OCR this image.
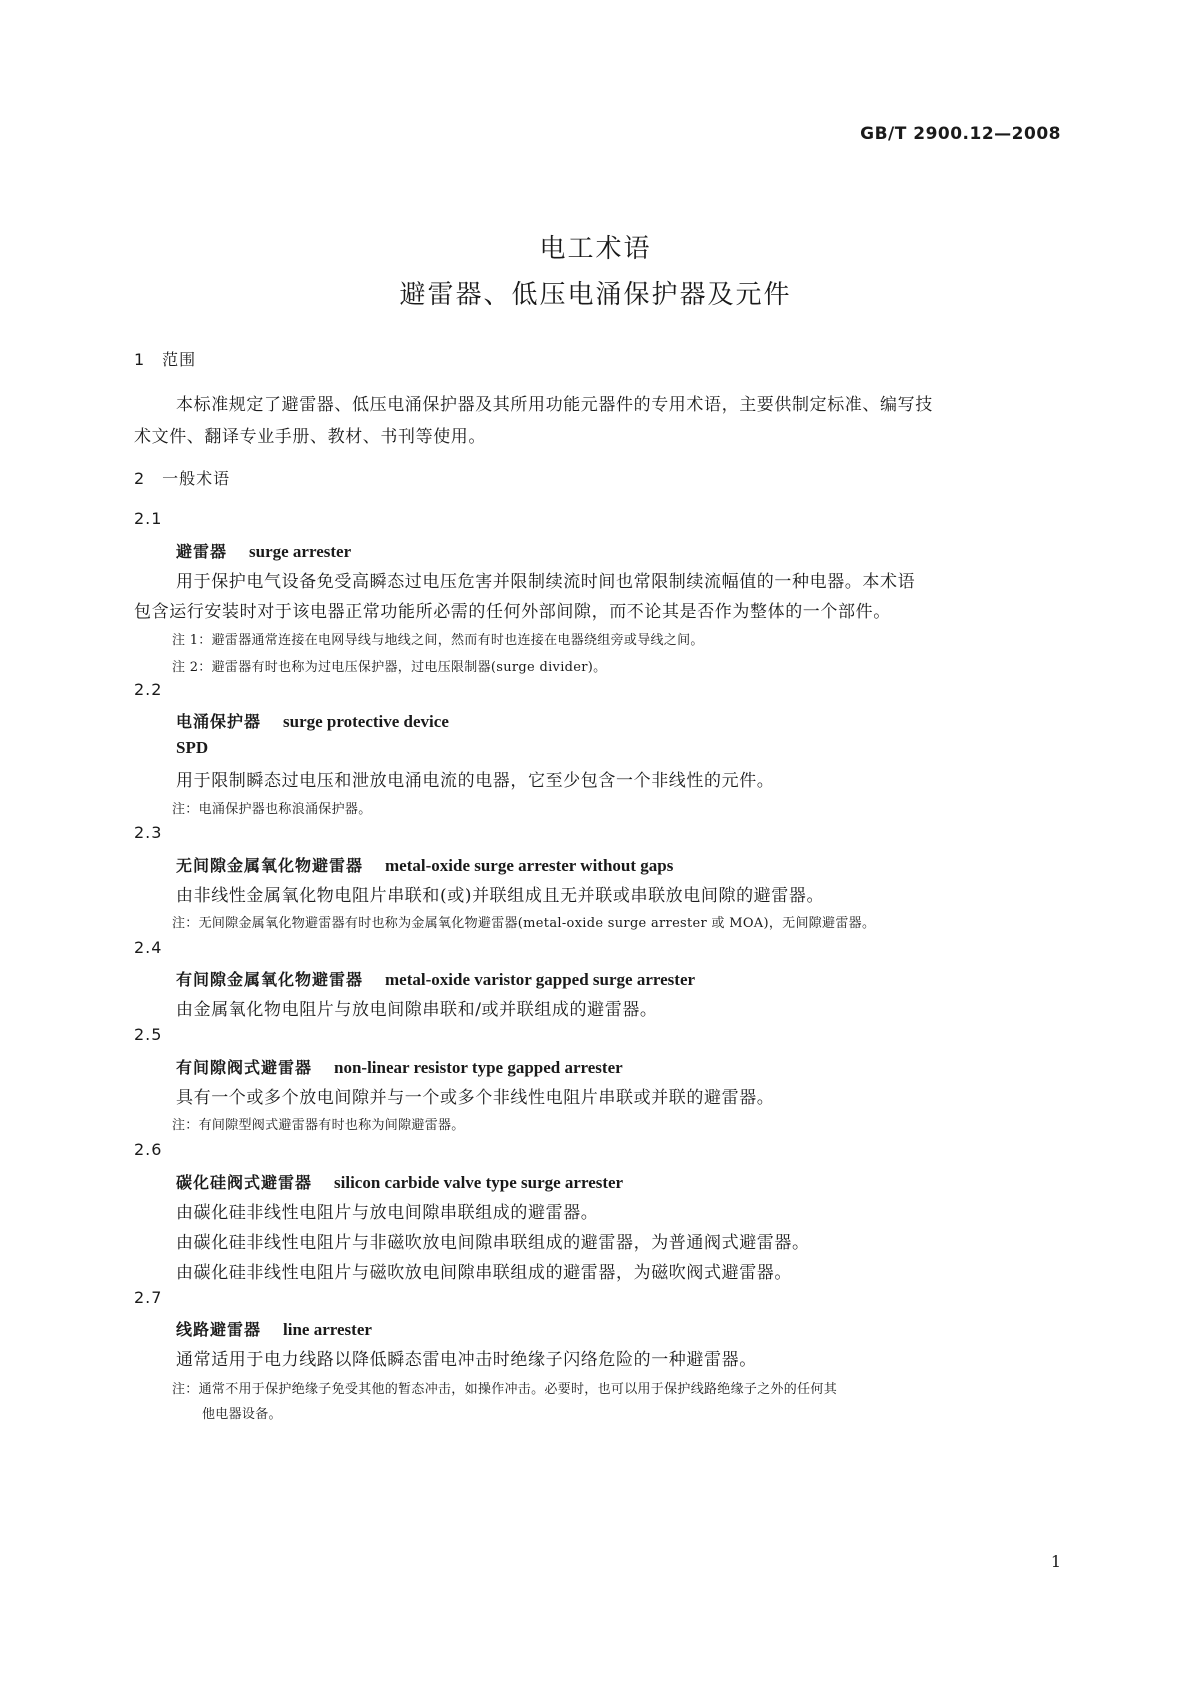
GB/T 2900.12—2008
电工术语
避雷器、低压电涌保护器及元件
1　范围
本标准规定了避雷器、低压电涌保护器及其所用功能元器件的专用术语，主要供制定标准、编写技
术文件、翻译专业手册、教材、书刊等使用。
2　一般术语
2.1
避雷器 surge arrester
用于保护电气设备免受高瞬态过电压危害并限制续流时间也常限制续流幅值的一种电器。本术语
包含运行安装时对于该电器正常功能所必需的任何外部间隙，而不论其是否作为整体的一个部件。
注 1：避雷器通常连接在电网导线与地线之间，然而有时也连接在电器绕组旁或导线之间。
注 2：避雷器有时也称为过电压保护器，过电压限制器(surge divider)。
2.2
电涌保护器 surge protective device
SPD
用于限制瞬态过电压和泄放电涌电流的电器，它至少包含一个非线性的元件。
注：电涌保护器也称浪涌保护器。
2.3
无间隙金属氧化物避雷器 metal-oxide surge arrester without gaps
由非线性金属氧化物电阻片串联和(或)并联组成且无并联或串联放电间隙的避雷器。
注：无间隙金属氧化物避雷器有时也称为金属氧化物避雷器(metal-oxide surge arrester 或 MOA)，无间隙避雷器。
2.4
有间隙金属氧化物避雷器 metal-oxide varistor gapped surge arrester
由金属氧化物电阻片与放电间隙串联和/或并联组成的避雷器。
2.5
有间隙阀式避雷器 non-linear resistor type gapped arrester
具有一个或多个放电间隙并与一个或多个非线性电阻片串联或并联的避雷器。
注：有间隙型阀式避雷器有时也称为间隙避雷器。
2.6
碳化硅阀式避雷器 silicon carbide valve type surge arrester
由碳化硅非线性电阻片与放电间隙串联组成的避雷器。
由碳化硅非线性电阻片与非磁吹放电间隙串联组成的避雷器，为普通阀式避雷器。
由碳化硅非线性电阻片与磁吹放电间隙串联组成的避雷器，为磁吹阀式避雷器。
2.7
线路避雷器 line arrester
通常适用于电力线路以降低瞬态雷电冲击时绝缘子闪络危险的一种避雷器。
注：通常不用于保护绝缘子免受其他的暂态冲击，如操作冲击。必要时，也可以用于保护线路绝缘子之外的任何其
他电器设备。
1
